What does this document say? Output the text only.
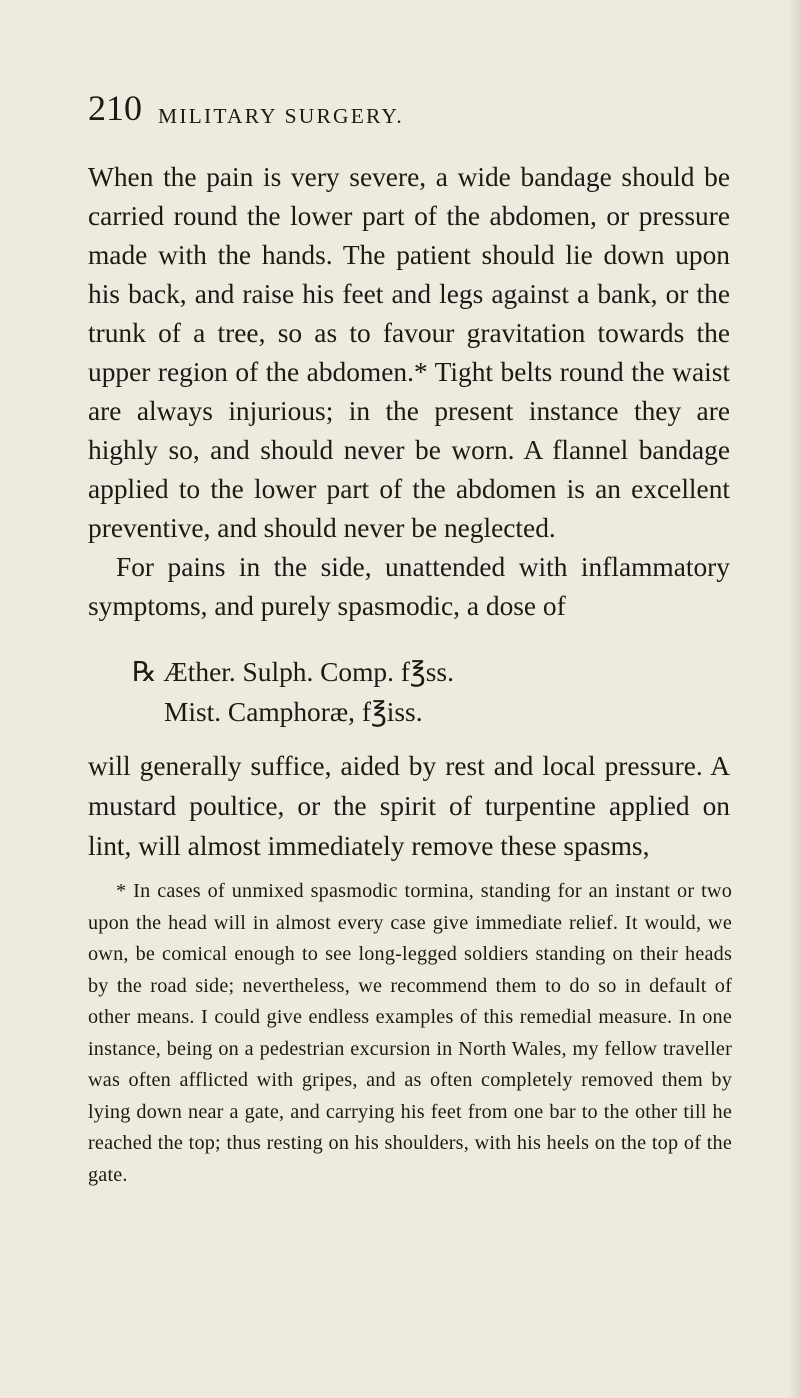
210 MILITARY SURGERY.

When the pain is very severe, a wide bandage should be carried round the lower part of the abdomen, or pressure made with the hands. The patient should lie down upon his back, and raise his feet and legs against a bank, or the trunk of a tree, so as to favour gravitation towards the upper region of the abdomen.* Tight belts round the waist are always injurious; in the present instance they are highly so, and should never be worn. A flannel bandage applied to the lower part of the abdomen is an excellent preventive, and should never be neglected.

For pains in the side, unattended with inflammatory symptoms, and purely spasmodic, a dose of

℞ Æther. Sulph. Comp. f℥ss.
Mist. Camphoræ, f℥iss.

will generally suffice, aided by rest and local pressure. A mustard poultice, or the spirit of turpentine applied on lint, will almost immediately remove these spasms,

* In cases of unmixed spasmodic tormina, standing for an instant or two upon the head will in almost every case give immediate relief. It would, we own, be comical enough to see long-legged soldiers standing on their heads by the road side; nevertheless, we recommend them to do so in default of other means. I could give endless examples of this remedial measure. In one instance, being on a pedestrian excursion in North Wales, my fellow traveller was often afflicted with gripes, and as often completely removed them by lying down near a gate, and carrying his feet from one bar to the other till he reached the top; thus resting on his shoulders, with his heels on the top of the gate.
